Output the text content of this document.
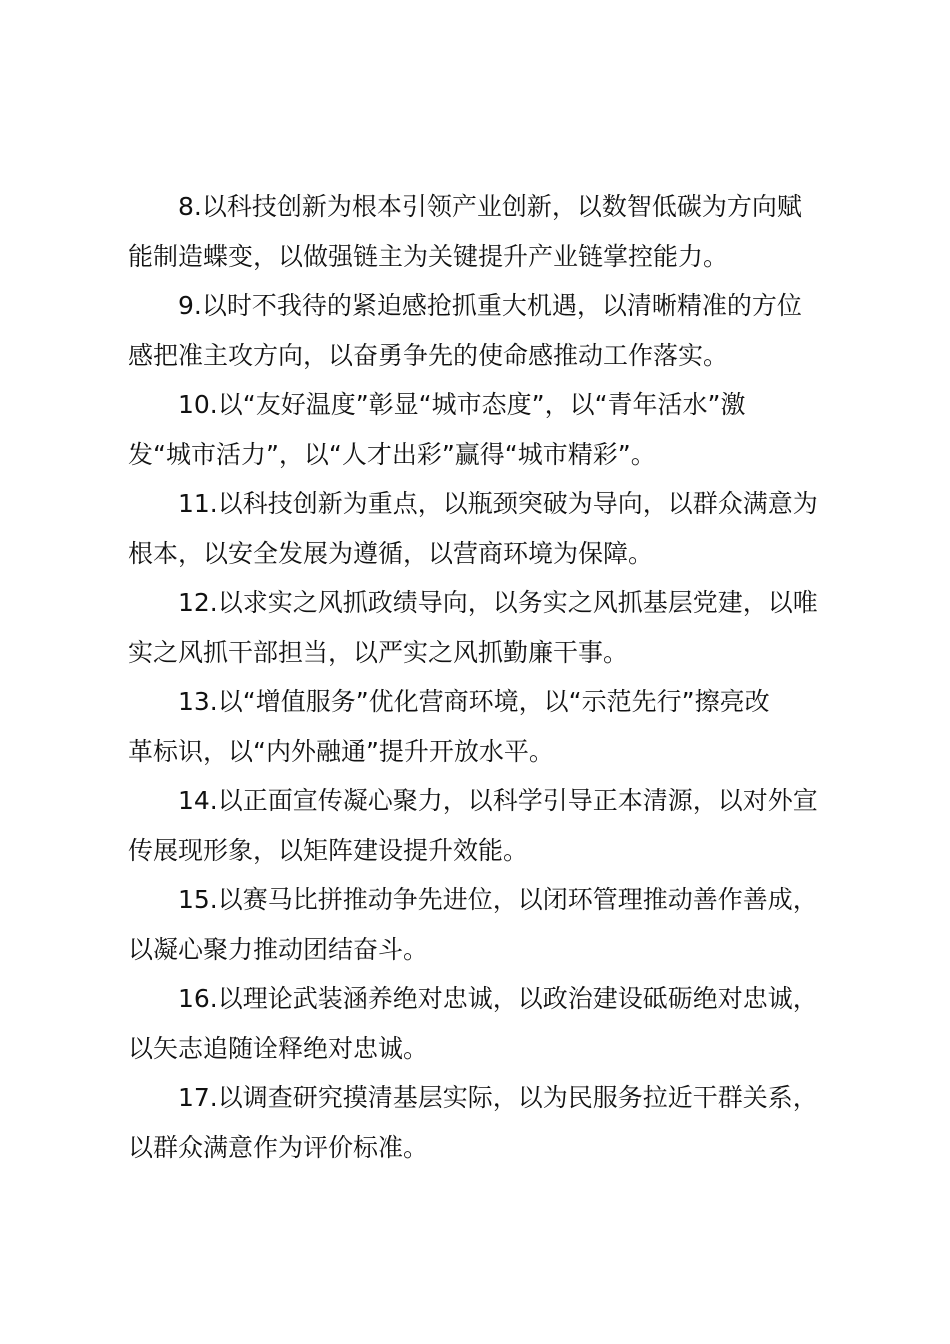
8.以科技创新为根本引领产业创新，以数智低碳为方向赋
能制造蝶变，以做强链主为关键提升产业链掌控能力。
9.以时不我待的紧迫感抢抓重大机遇，以清晰精准的方位
感把准主攻方向，以奋勇争先的使命感推动工作落实。
10.以“友好温度”彰显“城市态度”，以“青年活水”激
发“城市活力”，以“人才出彩”赢得“城市精彩”。
11.以科技创新为重点，以瓶颈突破为导向，以群众满意为
根本，以安全发展为遵循，以营商环境为保障。
12.以求实之风抓政绩导向，以务实之风抓基层党建，以唯
实之风抓干部担当，以严实之风抓勤廉干事。
13.以“增值服务”优化营商环境，以“示范先行”擦亮改
革标识，以“内外融通”提升开放水平。
14.以正面宣传凝心聚力，以科学引导正本清源，以对外宣
传展现形象，以矩阵建设提升效能。
15.以赛马比拼推动争先进位，以闭环管理推动善作善成，
以凝心聚力推动团结奋斗。
16.以理论武装涵养绝对忠诚，以政治建设砥砺绝对忠诚，
以矢志追随诠释绝对忠诚。
17.以调查研究摸清基层实际，以为民服务拉近干群关系，
以群众满意作为评价标准。
